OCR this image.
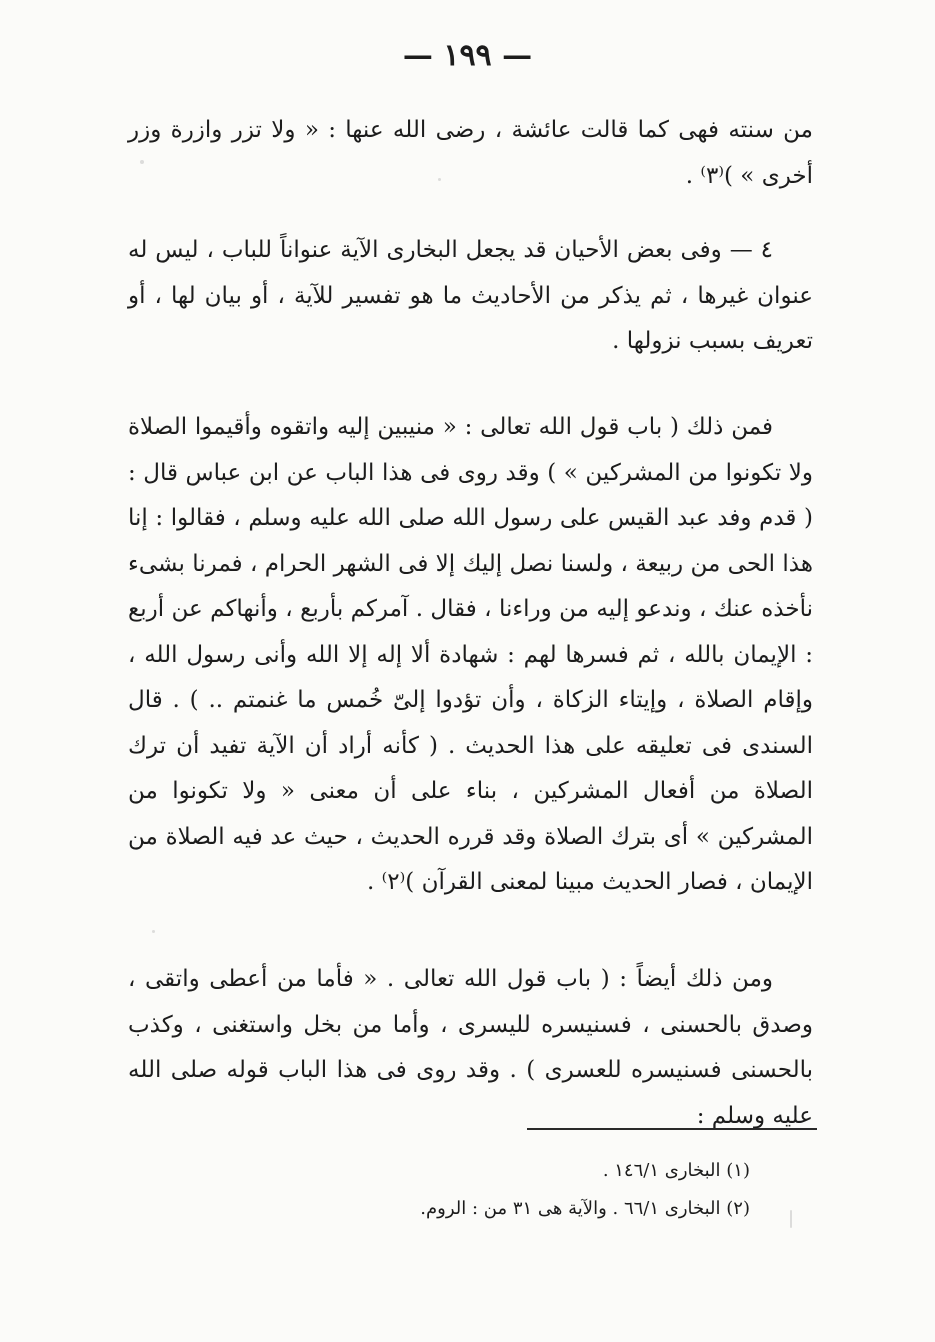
— ١٩٩ —

من سنته فهى كما قالت عائشة ، رضى الله عنها : « ولا تزر وازرة وزر أخرى » )⁽٣⁾ .

٤ — وفى بعض الأحيان قد يجعل البخارى الآية عنواناً للباب ، ليس له عنوان غيرها ، ثم يذكر من الأحاديث ما هو تفسير للآية ، أو بيان لها ، أو تعريف بسبب نزولها .

فمن ذلك ( باب قول الله تعالى : « منيبين إليه واتقوه وأقيموا الصلاة ولا تكونوا من المشركين » ) وقد روى فى هذا الباب عن ابن عباس قال : ( قدم وفد عبد القيس على رسول الله صلى الله عليه وسلم ، فقالوا : إنا هذا الحى من ربيعة ، ولسنا نصل إليك إلا فى الشهر الحرام ، فمرنا بشىء نأخذه عنك ، وندعو إليه من وراءنا ، فقال . آمركم بأربع ، وأنهاكم عن أربع : الإيمان بالله ، ثم فسرها لهم : شهادة ألا إله إلا الله وأنى رسول الله ، وإقام الصلاة ، وإيتاء الزكاة ، وأن تؤدوا إلىّ خُمس ما غنمتم .. ) . قال السندى فى تعليقه على هذا الحديث . ( كأنه أراد أن الآية تفيد أن ترك الصلاة من أفعال المشركين ، بناء على أن معنى « ولا تكونوا من المشركين » أى بترك الصلاة وقد قرره الحديث ، حيث عد فيه الصلاة من الإيمان ، فصار الحديث مبينا لمعنى القرآن )⁽٢⁾ .

ومن ذلك أيضاً : ( باب قول الله تعالى . « فأما من أعطى واتقى ، وصدق بالحسنى ، فسنيسره لليسرى ، وأما من بخل واستغنى ، وكذب بالحسنى فسنيسره للعسرى ) . وقد روى فى هذا الباب قوله صلى الله عليه وسلم :

(١) البخارى ١٤٦/١ .

(٢) البخارى ٦٦/١ . والآية هى ٣١ من : الروم.
